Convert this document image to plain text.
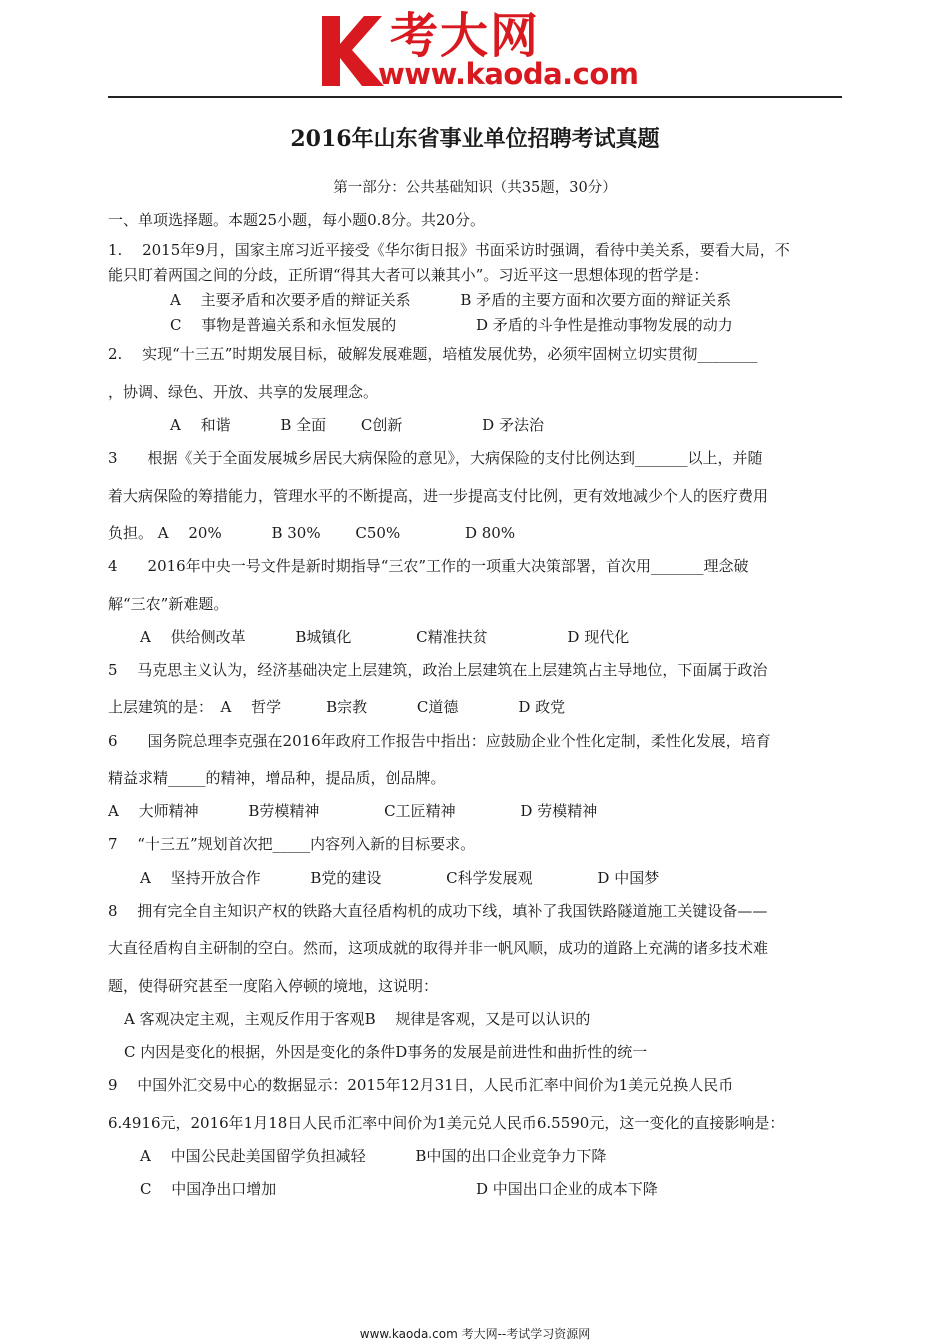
考大网
www.kaoda.com
2016年山东省事业单位招聘考试真题
第一部分：公共基础知识（共35题，30分）
一、单项选择题。本题25小题，每小题0.8分。共20分。
1.　 2015年9月，国家主席习近平接受《华尔街日报》书面采访时强调，看待中美关系，要看大局，不
能只盯着两国之间的分歧，正所谓“得其大者可以兼其小”。习近平这一思想体现的哲学是：
A　 主要矛盾和次要矛盾的辩证关系　　　 B 矛盾的主要方面和次要方面的辩证关系
C　 事物是普遍关系和永恒发展的　　　　　 D 矛盾的斗争性是推动事物发展的动力
2.　 实现“十三五”时期发展目标，破解发展难题，培植发展优势，必须牢固树立切实贯彻________
，协调、绿色、开放、共享的发展理念。
A　 和谐　　　 B 全面　　 C创新　　　　　 D 矛法治
3　　根据《关于全面发展城乡居民大病保险的意见》，大病保险的支付比例达到_______以上，并随
着大病保险的筹措能力，管理水平的不断提高，进一步提高支付比例，更有效地减少个人的医疗费用
负担。 A　 20%　　　 B 30%　　 C50%　　　　 D 80%
4　　2016年中央一号文件是新时期指导“三农”工作的一项重大决策部署，首次用_______理念破
解“三农”新难题。
A　 供给侧改革　　　 B城镇化　　　　 C精准扶贫　　　　　 D 现代化
5　 马克思主义认为，经济基础决定上层建筑，政治上层建筑在上层建筑占主导地位，下面属于政治
上层建筑的是：　A　 哲学　　　B宗教　　　 C道德　　　　D 政党
6　　国务院总理李克强在2016年政府工作报告中指出：应鼓励企业个性化定制，柔性化发展，培育
精益求精_____的精神，增品种，提品质，创品牌。
A　 大师精神　　　 B劳模精神　　　　 C工匠精神　　　　 D 劳模精神
7　 “十三五”规划首次把_____内容列入新的目标要求。
A　 坚持开放合作　　　 B党的建设　　　　 C科学发展观　　　　 D 中国梦
8　 拥有完全自主知识产权的铁路大直径盾构机的成功下线，填补了我国铁路隧道施工关键设备——
大直径盾构自主研制的空白。然而，这项成就的取得并非一帆风顺，成功的道路上充满的诸多技术难
题，使得研究甚至一度陷入停顿的境地，这说明：
A 客观决定主观，主观反作用于客观B　 规律是客观，又是可以认识的
C 内因是变化的根据，外因是变化的条件D事务的发展是前进性和曲折性的统一
9　 中国外汇交易中心的数据显示：2015年12月31日，人民币汇率中间价为1美元兑换人民币
6.4916元，2016年1月18日人民币汇率中间价为1美元兑人民币6.5590元，这一变化的直接影响是：
A　 中国公民赴美国留学负担减轻　　　 B中国的出口企业竞争力下降
C　 中国净出口增加　　　　　　　　　　　　　 D 中国出口企业的成本下降
www.kaoda.com 考大网--考试学习资源网
